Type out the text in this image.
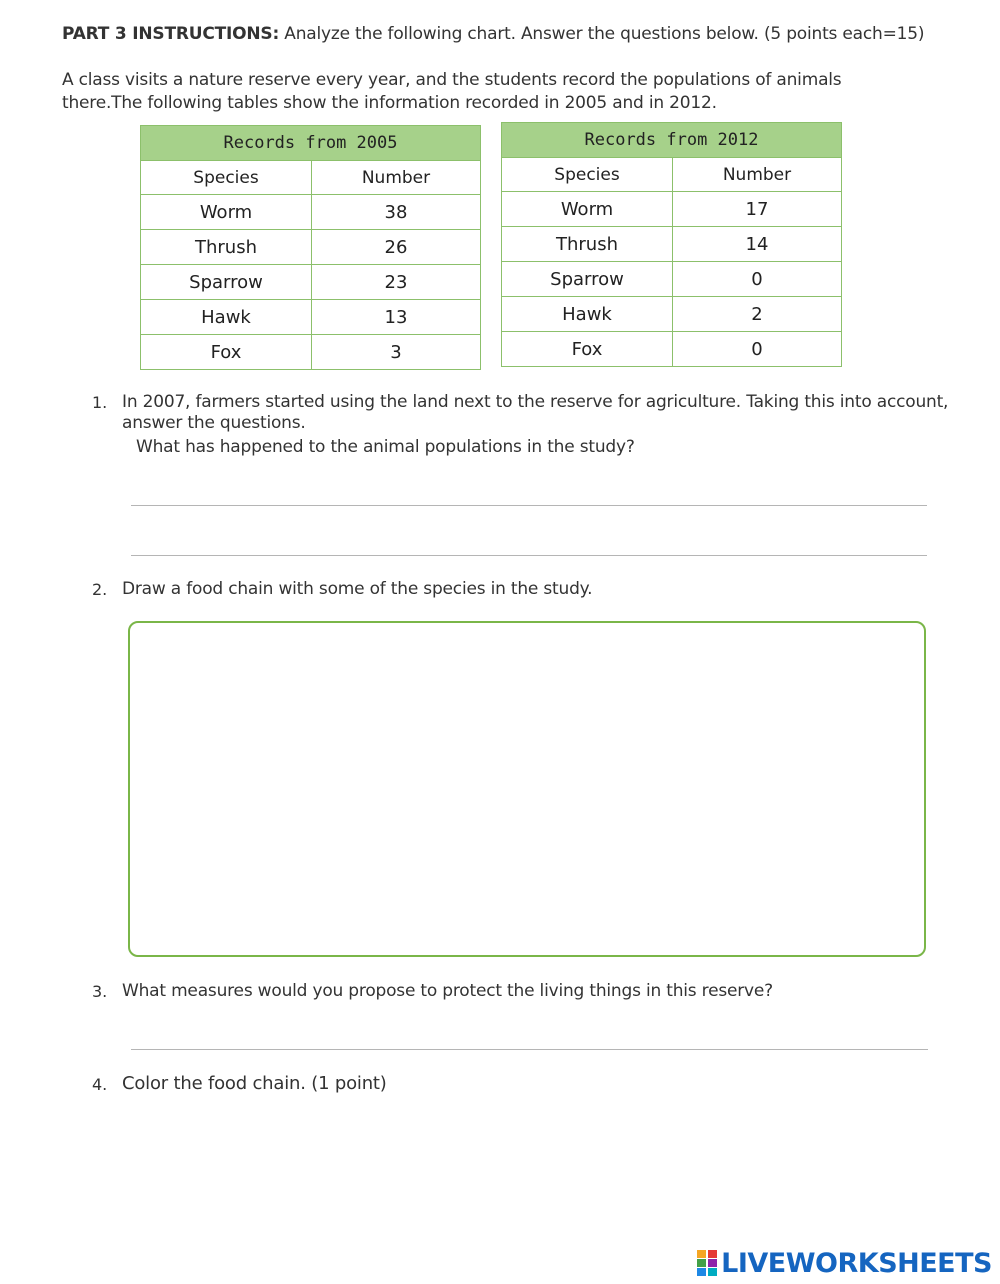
PART 3 INSTRUCTIONS: Analyze the following chart. Answer the questions below. (5 points each=15)
A class visits a nature reserve every year, and the students record the populations of animals there.The following tables show the information recorded in 2005 and in 2012.
Records from 2005	
Species	Number
Worm	38
Thrush	26
Sparrow	23
Hawk	13
Fox	3
Records from 2012	
Species	Number
Worm	17
Thrush	14
Sparrow	0
Hawk	2
Fox	0
1. In 2007, farmers started using the land next to the reserve for agriculture. Taking this into account,
answer the questions.
What has happened to the animal populations in the study?
2. Draw a food chain with some of the species in the study.
3. What measures would you propose to protect the living things in this reserve?
4. Color the food chain. (1 point)
LIVEWORKSHEETS
